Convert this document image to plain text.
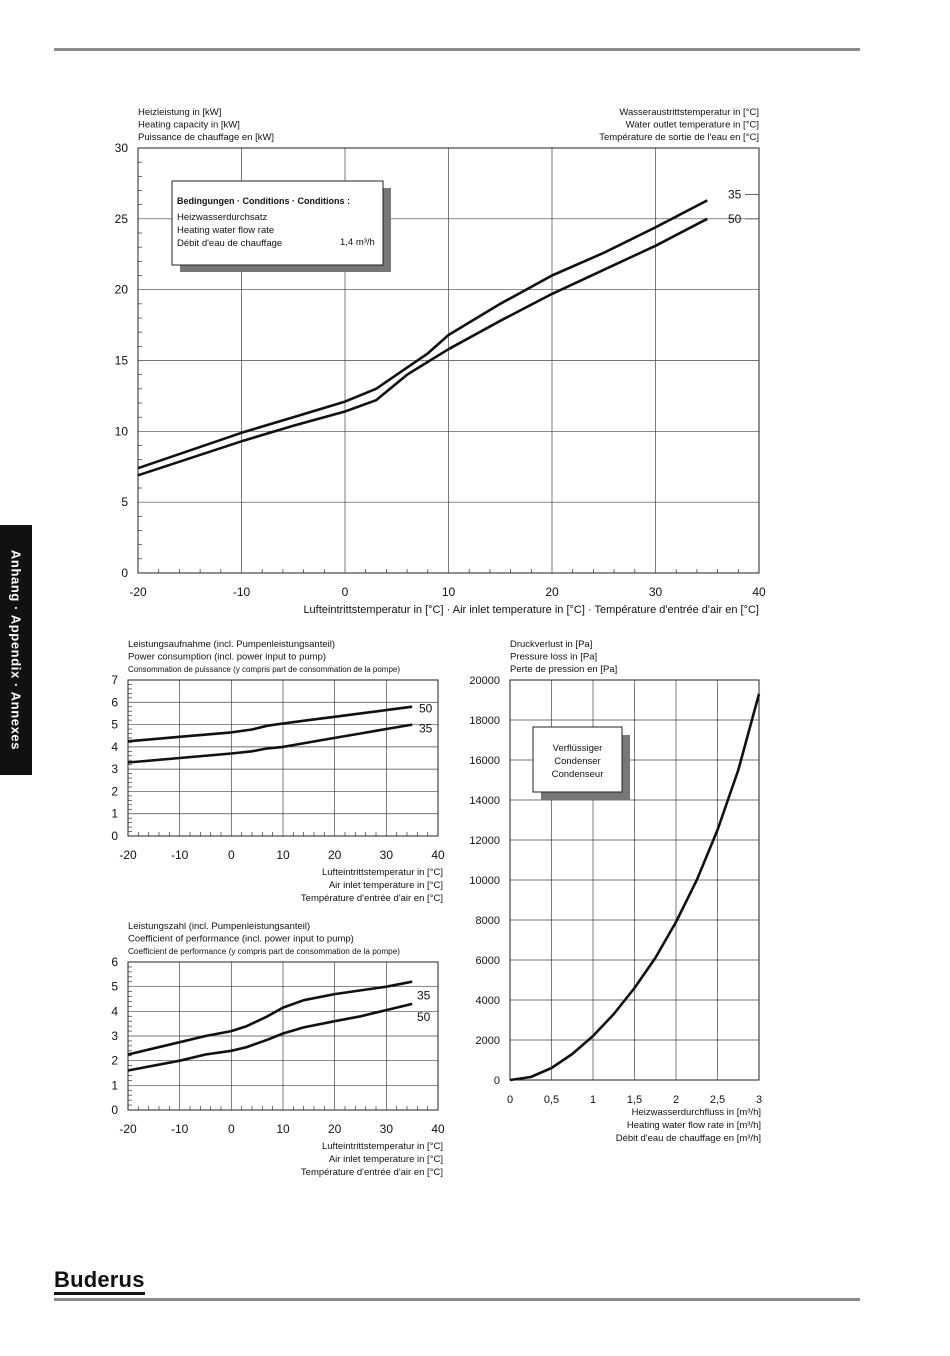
Anhang · Appendix · Annexes
Buderus
-20	-10	0	10	20	30	40
0
5
10
15
20
25
30
Heizleistung in [kW]
Heating capacity in [kW]
Puissance de chauffage en [kW]
Wasseraustrittstemperatur in [°C]
Water outlet temperature in [°C]
Température de sortie de l'eau en [°C]
Lufteintrittstemperatur in [°C] · Air inlet temperature in [°C] · Température d'entrée d'air en [°C]
35
50
Bedingungen · Conditions · Conditions :
Heizwasserdurchsatz
Heating water flow rate
Débit d'eau de chauffage	1,4 m³/h
-20	-10	0	10	20	30	40
0
1
2
3
4
5
6
7
Leistungsaufnahme (incl. Pumpenleistungsanteil)
Power consumption (incl. power input to pump)
Consommation de puissance (y compris part de consommation de la pompe)
Lufteintrittstemperatur in [°C]
Air inlet temperature in [°C]
Température d'entrée d'air en [°C]
50
35
-20	-10	0	10	20	30	40
0
1
2
3
4
5
6
Leistungszahl (incl. Pumpenleistungsanteil)
Coefficient of performance (incl. power input to pump)
Coefficient de performance (y compris part de consommation de la pompe)
Lufteintrittstemperatur in [°C]
Air inlet temperature in [°C]
Température d'entrée d'air en [°C]
35
50
0	0,5	1	1,5	2	2,5	3
0
2000
4000
6000
8000
10000
12000
14000
16000
18000
20000
Druckverlust in [Pa]
Pressure loss in [Pa]
Perte de pression en [Pa]
Heizwasserdurchfluss in [m³/h]
Heating water flow rate in [m³/h]
Débit d'eau de chauffage en [m³/h]
Verflüssiger
Condenser
Condenseur
